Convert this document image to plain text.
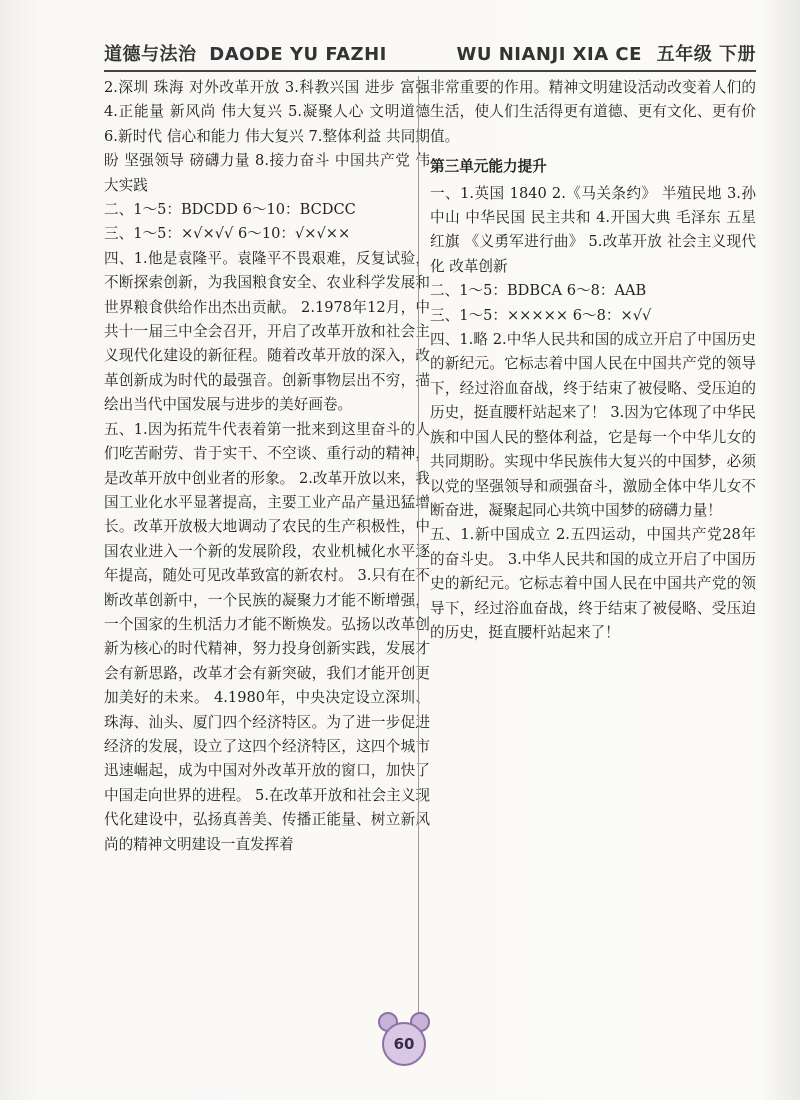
道德与法治 DAODE YU FAZHI	WU NIANJI XIA CE 五年级 下册

2.深圳 珠海 对外改革开放 3.科教兴国 进步 富强 4.正能量 新风尚 伟大复兴 5.凝聚人心 文明道德 6.新时代 信心和能力 伟大复兴 7.整体利益 共同期盼 坚强领导 磅礴力量 8.接力奋斗 中国共产党 伟大实践

二、1～5：BDCDD 6～10：BCDCC

三、1～5：×√×√√ 6～10：√×√××

四、1.他是袁隆平。袁隆平不畏艰难，反复试验，不断探索创新，为我国粮食安全、农业科学发展和世界粮食供给作出杰出贡献。 2.1978年12月，中共十一届三中全会召开，开启了改革开放和社会主义现代化建设的新征程。随着改革开放的深入，改革创新成为时代的最强音。创新事物层出不穷，描绘出当代中国发展与进步的美好画卷。

五、1.因为拓荒牛代表着第一批来到这里奋斗的人们吃苦耐劳、肯于实干、不空谈、重行动的精神，是改革开放中创业者的形象。 2.改革开放以来，我国工业化水平显著提高，主要工业产品产量迅猛增长。改革开放极大地调动了农民的生产积极性，中国农业进入一个新的发展阶段，农业机械化水平逐年提高，随处可见改革致富的新农村。 3.只有在不断改革创新中，一个民族的凝聚力才能不断增强，一个国家的生机活力才能不断焕发。弘扬以改革创新为核心的时代精神，努力投身创新实践，发展才会有新思路，改革才会有新突破，我们才能开创更加美好的未来。 4.1980年，中央决定设立深圳、珠海、汕头、厦门四个经济特区。为了进一步促进经济的发展，设立了这四个经济特区，这四个城市迅速崛起，成为中国对外改革开放的窗口，加快了中国走向世界的进程。 5.在改革开放和社会主义现代化建设中，弘扬真善美、传播正能量、树立新风尚的精神文明建设一直发挥着

非常重要的作用。精神文明建设活动改变着人们的生活，使人们生活得更有道德、更有文化、更有价值。

第三单元能力提升

一、1.英国 1840 2.《马关条约》 半殖民地 3.孙中山 中华民国 民主共和 4.开国大典 毛泽东 五星红旗 《义勇军进行曲》 5.改革开放 社会主义现代化 改革创新

二、1～5：BDBCA 6～8：AAB

三、1～5：××××× 6～8：×√√

四、1.略 2.中华人民共和国的成立开启了中国历史的新纪元。它标志着中国人民在中国共产党的领导下，经过浴血奋战，终于结束了被侵略、受压迫的历史，挺直腰杆站起来了！ 3.因为它体现了中华民族和中国人民的整体利益，它是每一个中华儿女的共同期盼。实现中华民族伟大复兴的中国梦，必须以党的坚强领导和顽强奋斗，激励全体中华儿女不断奋进，凝聚起同心共筑中国梦的磅礴力量！

五、1.新中国成立 2.五四运动，中国共产党28年的奋斗史。 3.中华人民共和国的成立开启了中国历史的新纪元。它标志着中国人民在中国共产党的领导下，经过浴血奋战，终于结束了被侵略、受压迫的历史，挺直腰杆站起来了！

60
